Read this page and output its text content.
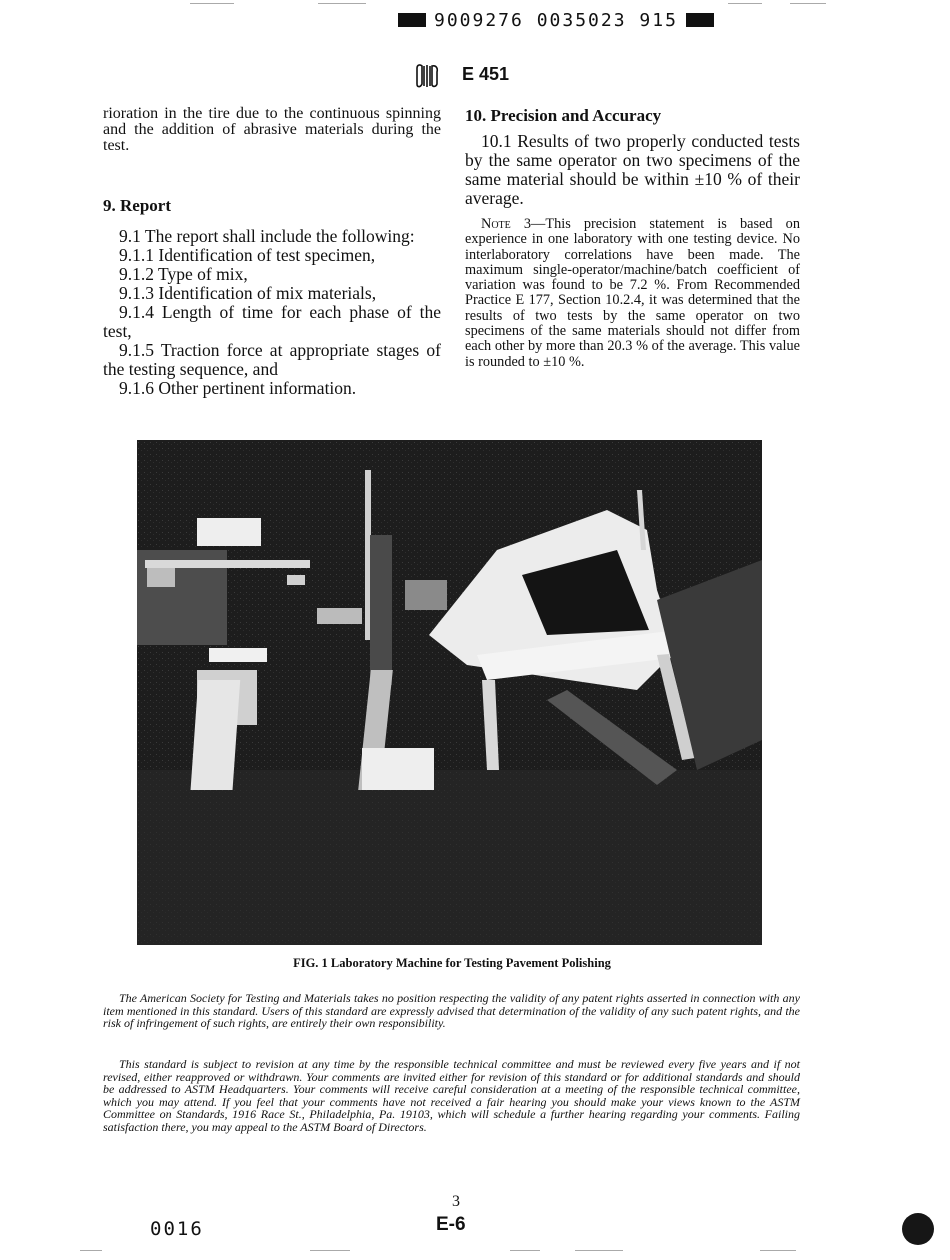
9009276 0035023 915
E 451

rioration in the tire due to the continuous spinning and the addition of abrasive materials during the test.

9. Report

9.1 The report shall include the following:

9.1.1 Identification of test specimen,

9.1.2 Type of mix,

9.1.3 Identification of mix materials,

9.1.4 Length of time for each phase of the test,

9.1.5 Traction force at appropriate stages of the testing sequence, and

9.1.6 Other pertinent information.

10. Precision and Accuracy

10.1 Results of two properly conducted tests by the same operator on two specimens of the same material should be within ±10 % of their average.

Note 3—This precision statement is based on experience in one laboratory with one testing device. No interlaboratory correlations have been made. The maximum single-operator/machine/batch coefficient of variation was found to be 7.2 %. From Recommended Practice E 177, Section 10.2.4, it was determined that the results of two tests by the same operator on two specimens of the same materials should not differ from each other by more than 20.3 % of the average. This value is rounded to ±10 %.

FIG. 1 Laboratory Machine for Testing Pavement Polishing

The American Society for Testing and Materials takes no position respecting the validity of any patent rights asserted in connection with any item mentioned in this standard. Users of this standard are expressly advised that determination of the validity of any such patent rights, and the risk of infringement of such rights, are entirely their own responsibility.

This standard is subject to revision at any time by the responsible technical committee and must be reviewed every five years and if not revised, either reapproved or withdrawn. Your comments are invited either for revision of this standard or for additional standards and should be addressed to ASTM Headquarters. Your comments will receive careful consideration at a meeting of the responsible technical committee, which you may attend. If you feel that your comments have not received a fair hearing you should make your views known to the ASTM Committee on Standards, 1916 Race St., Philadelphia, Pa. 19103, which will schedule a further hearing regarding your comments. Failing satisfaction there, you may appeal to the ASTM Board of Directors.

3
0016	E-6
